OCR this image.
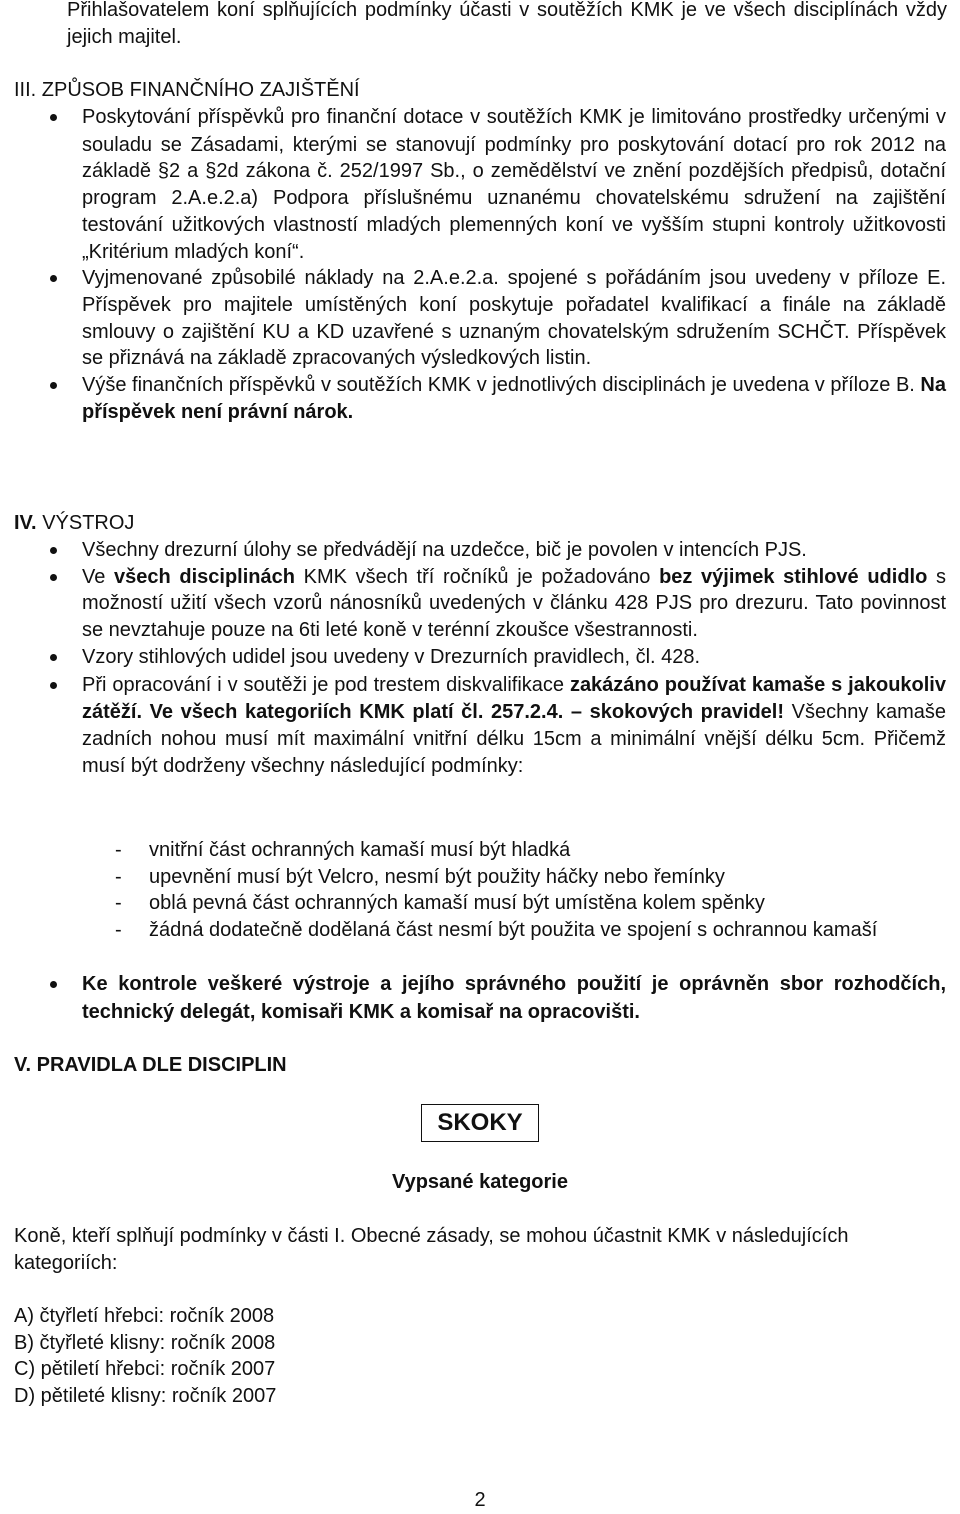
Přihlašovatelem koní splňujících podmínky účasti v soutěžích KMK je ve všech disciplínách vždy jejich majitel.
III. ZPŮSOB FINANČNÍHO ZAJIŠTĚNÍ
Poskytování příspěvků pro finanční dotace v soutěžích KMK je limitováno prostředky určenými v souladu se Zásadami, kterými se stanovují podmínky pro poskytování dotací pro rok 2012 na základě §2 a §2d zákona č. 252/1997 Sb., o zemědělství ve znění pozdějších předpisů, dotační program 2.A.e.2.a) Podpora příslušnému uznanému chovatelskému sdružení na zajištění testování užitkových vlastností mladých plemenných koní ve vyšším stupni kontroly užitkovosti „Kritérium mladých koní“.
Vyjmenované způsobilé náklady na 2.A.e.2.a. spojené s pořádáním jsou uvedeny v příloze E. Příspěvek pro majitele umístěných koní poskytuje pořadatel kvalifikací a finále na základě smlouvy o zajištění KU a KD uzavřené s uznaným chovatelským sdružením SCHČT. Příspěvek se přiznává na základě zpracovaných výsledkových listin.
Výše finančních příspěvků v soutěžích KMK v jednotlivých disciplinách je uvedena v příloze B. Na příspěvek není právní nárok.
IV. VÝSTROJ
Všechny drezurní úlohy se předvádějí na uzdečce, bič je povolen v intencích PJS.
Ve všech disciplinách KMK všech tří ročníků je požadováno bez výjimek stihlové udidlo s možností užití všech vzorů nánosníků uvedených v článku 428 PJS pro drezuru. Tato povinnost se nevztahuje pouze na 6ti leté koně v terénní zkoušce všestrannosti.
Vzory stihlových udidel jsou uvedeny v Drezurních pravidlech, čl. 428.
Při opracování i v soutěži je pod trestem diskvalifikace zakázáno používat kamaše s jakoukoliv zátěží. Ve všech kategoriích KMK platí čl. 257.2.4. – skokových pravidel! Všechny kamaše zadních nohou musí mít maximální vnitřní délku 15cm a minimální vnější délku 5cm. Přičemž musí být dodrženy všechny následující podmínky:
- vnitřní část ochranných kamaší musí být hladká
- upevnění musí být Velcro, nesmí být použity háčky nebo řemínky
- oblá pevná část ochranných kamaší musí být umístěna kolem spěnky
- žádná dodatečně dodělaná část nesmí být použita ve spojení s ochrannou kamaší
Ke kontrole veškeré výstroje a jejího správného použití je oprávněn sbor rozhodčích, technický delegát, komisaři KMK a komisař na opracovišti.
V. PRAVIDLA DLE DISCIPLIN
SKOKY
Vypsané kategorie
Koně, kteří splňují podmínky v části I. Obecné zásady, se mohou účastnit KMK v následujících kategoriích:
A) čtyřletí hřebci: ročník 2008
B) čtyřleté klisny: ročník 2008
C) pětiletí hřebci: ročník 2007
D) pětileté klisny: ročník 2007
2
